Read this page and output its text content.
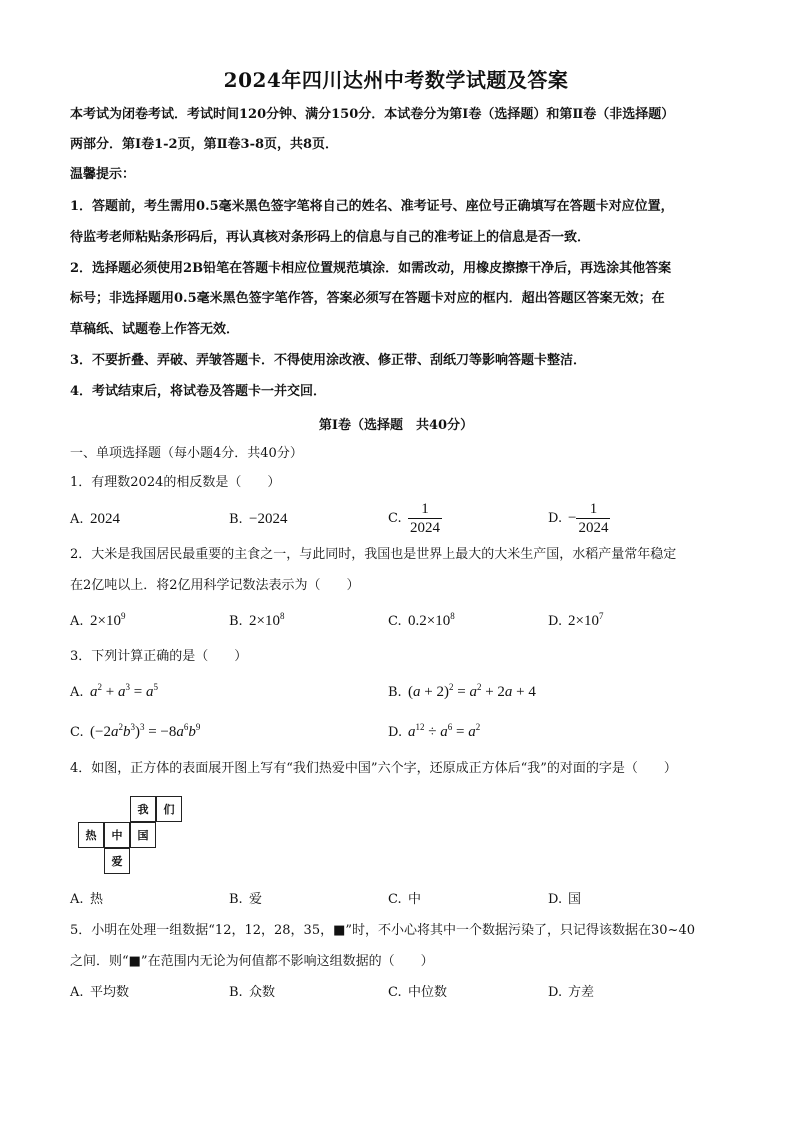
2024年四川达州中考数学试题及答案
本考试为闭卷考试．考试时间120分钟、满分150分．本试卷分为第Ⅰ卷（选择题）和第Ⅱ卷（非选择题）
两部分．第Ⅰ卷1-2页，第Ⅱ卷3-8页，共8页．
温馨提示：
1．答题前，考生需用0.5毫米黑色签字笔将自己的姓名、准考证号、座位号正确填写在答题卡对应位置，
待监考老师粘贴条形码后，再认真核对条形码上的信息与自己的准考证上的信息是否一致．
2．选择题必须使用2B铅笔在答题卡相应位置规范填涂．如需改动，用橡皮擦擦干净后，再选涂其他答案
标号；非选择题用0.5毫米黑色签字笔作答，答案必须写在答题卡对应的框内．超出答题区答案无效；在
草稿纸、试题卷上作答无效．
3．不要折叠、弄破、弄皱答题卡．不得使用涂改液、修正带、刮纸刀等影响答题卡整洁．
4．考试结束后，将试卷及答题卡一并交回．
第Ⅰ卷（选择题　共40分）
一、单项选择题（每小题4分．共40分）
1．有理数2024的相反数是（　　）
A. 2024	B. −2024	C. $\frac{1}{2024}$	D. − $\frac{1}{2024}$
2．大米是我国居民最重要的主食之一，与此同时，我国也是世界上最大的大米生产国，水稻产量常年稳定
在2亿吨以上．将2亿用科学记数法表示为（　　）
A. $2\times 10^9$	B. $2\times 10^8$	C. $0.2\times 10^8$	D. $2\times 10^7$
3．下列计算正确的是（　　）
A. $a^2 + a^3 = a^5$	B. $(a + 2)^2 = a^2 + 2a + 4$
C. $(-2a^2b^3)^3 = -8a^6b^9$	D. $a^{12} \div a^6 = a^2$
4．如图，正方体的表面展开图上写有“我们热爱中国”六个字，还原成正方体后“我”的对面的字是（　　）
我	们
热	中	国
爱
A. 热	B. 爱	C. 中	D. 国
5．小明在处理一组数据“12，12，28，35，■”时，不小心将其中一个数据污染了，只记得该数据在30~40
之间．则“■”在范围内无论为何值都不影响这组数据的（　　）
A. 平均数	B. 众数	C. 中位数	D. 方差
